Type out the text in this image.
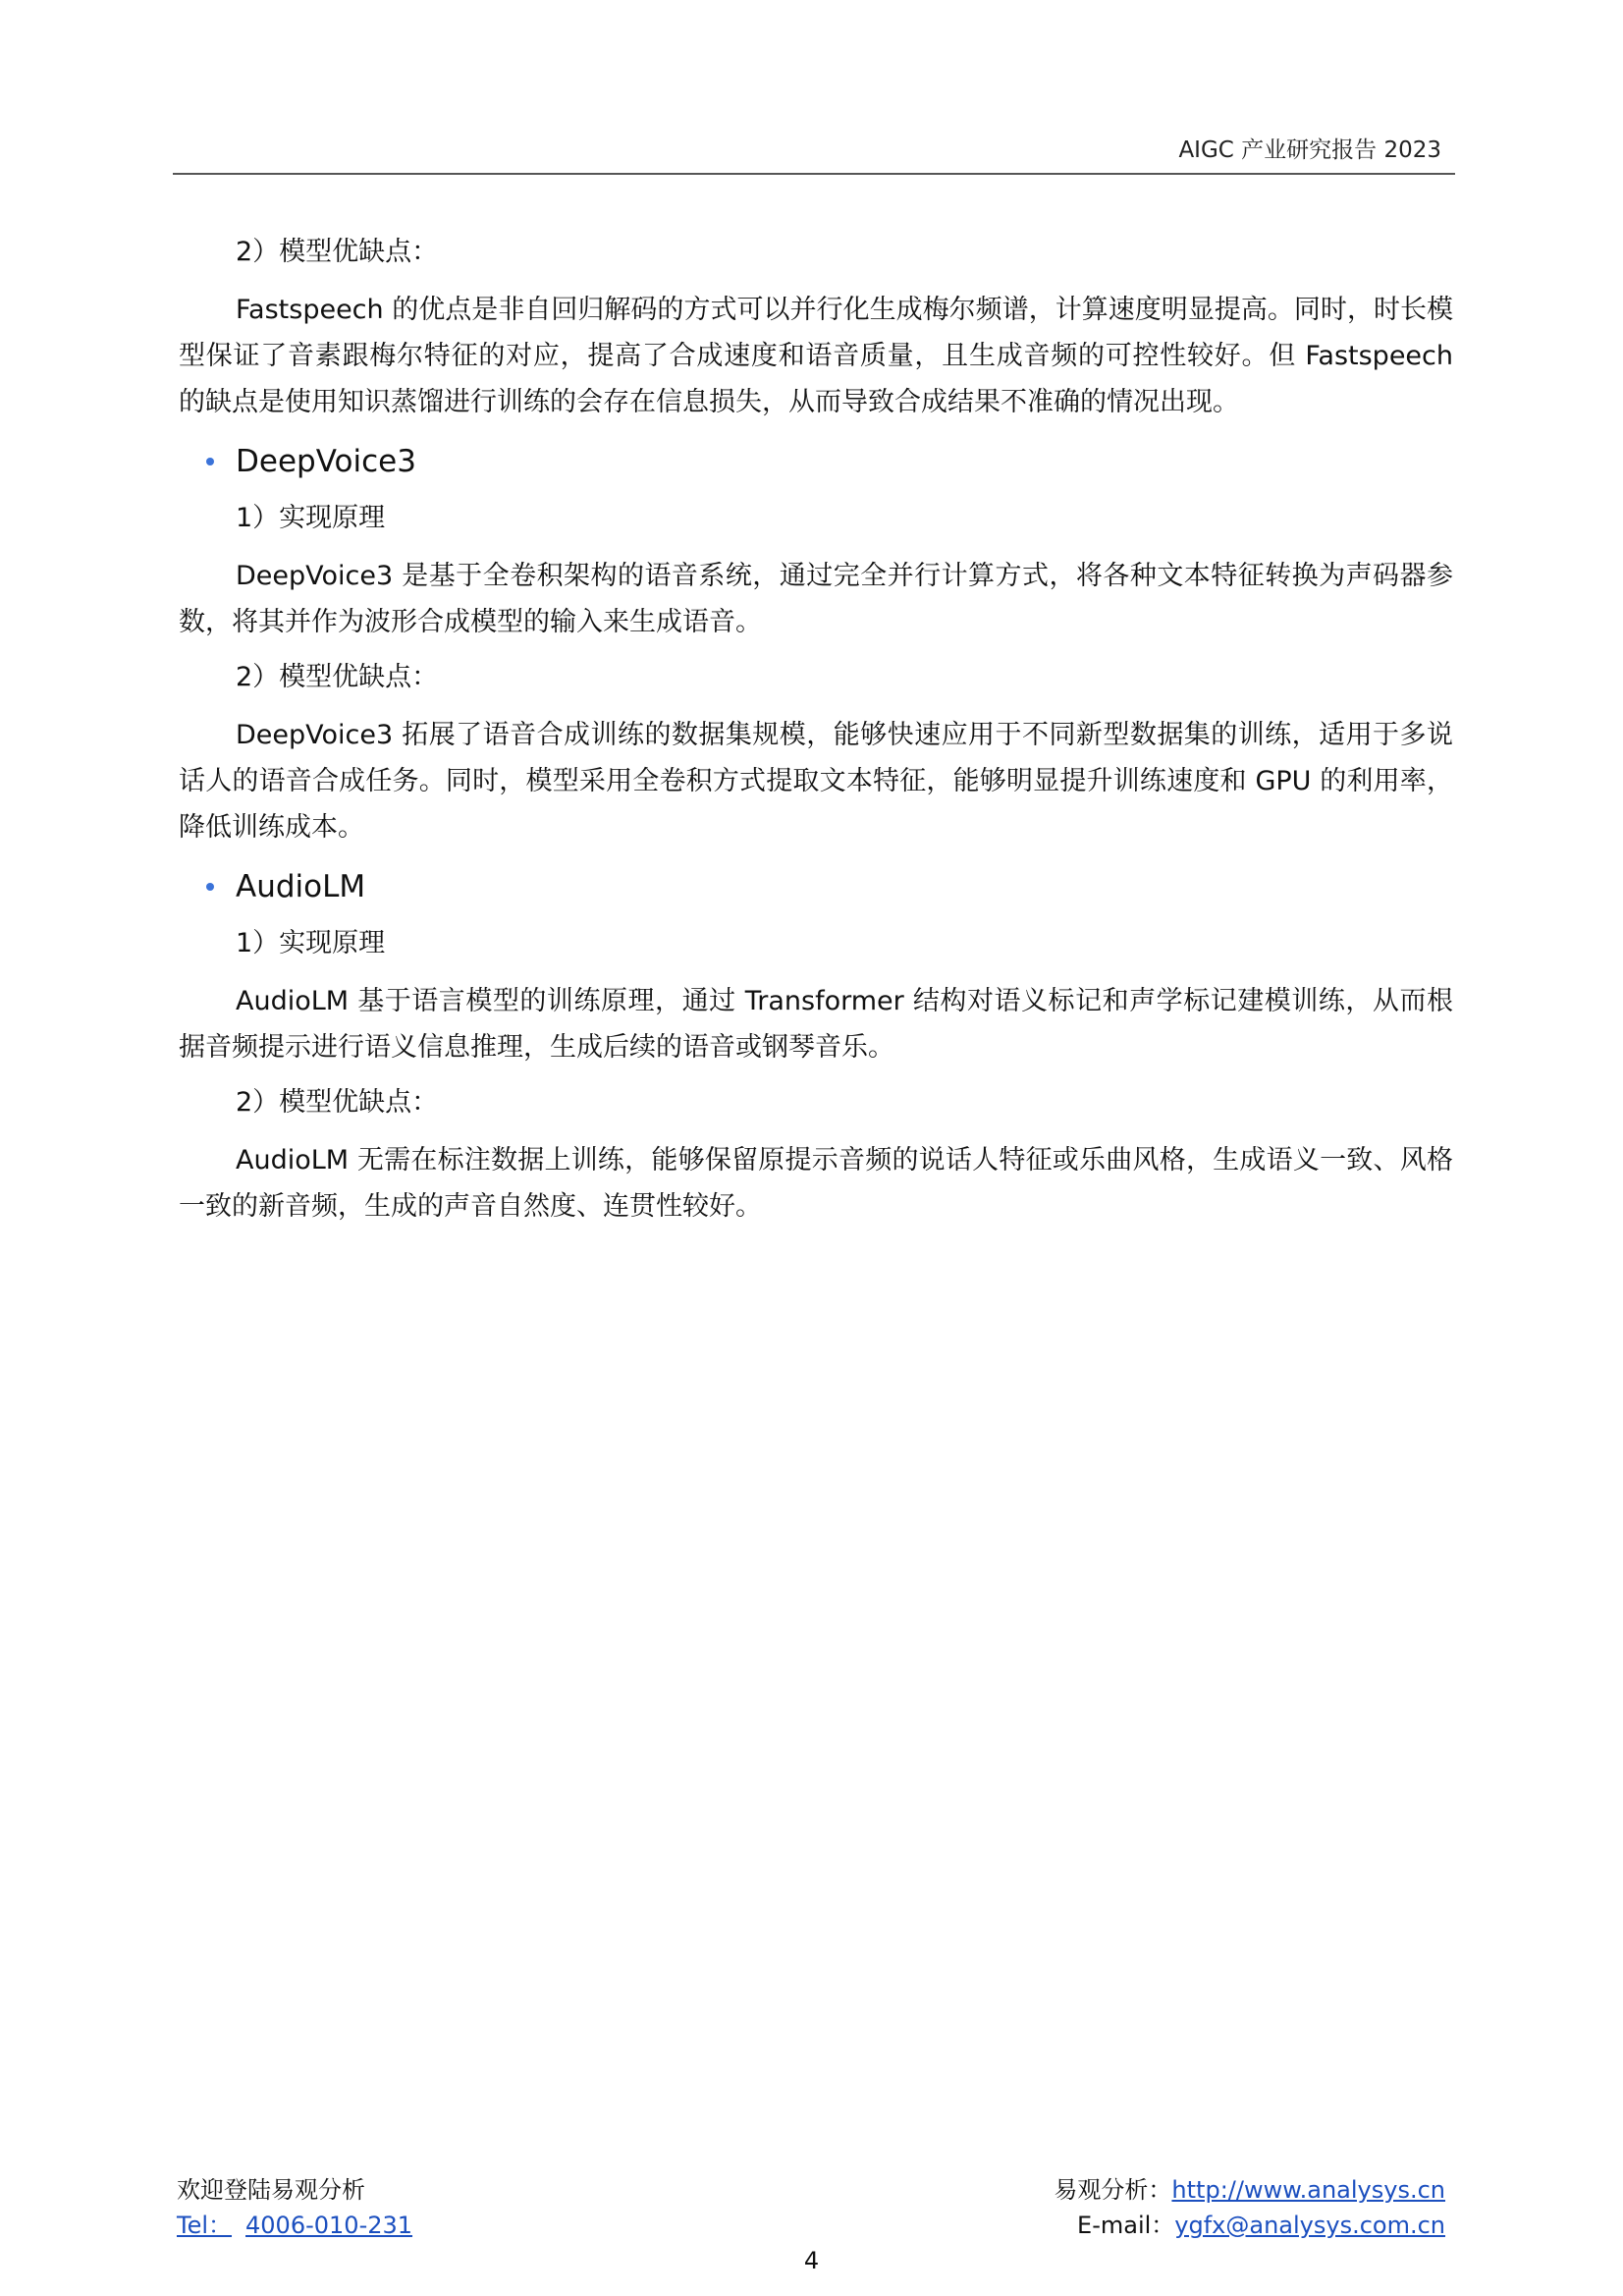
AIGC 产业研究报告 2023
2）模型优缺点：
Fastspeech 的优点是非自回归解码的方式可以并行化生成梅尔频谱，计算速度明显提高。同时，时长模型保证了音素跟梅尔特征的对应，提高了合成速度和语音质量，且生成音频的可控性较好。但 Fastspeech 的缺点是使用知识蒸馏进行训练的会存在信息损失，从而导致合成结果不准确的情况出现。
DeepVoice3
1）实现原理
DeepVoice3 是基于全卷积架构的语音系统，通过完全并行计算方式，将各种文本特征转换为声码器参数，将其并作为波形合成模型的输入来生成语音。
2）模型优缺点：
DeepVoice3 拓展了语音合成训练的数据集规模，能够快速应用于不同新型数据集的训练，适用于多说话人的语音合成任务。同时，模型采用全卷积方式提取文本特征，能够明显提升训练速度和 GPU 的利用率，降低训练成本。
AudioLM
1）实现原理
AudioLM 基于语言模型的训练原理，通过 Transformer 结构对语义标记和声学标记建模训练，从而根据音频提示进行语义信息推理，生成后续的语音或钢琴音乐。
2）模型优缺点：
AudioLM 无需在标注数据上训练，能够保留原提示音频的说话人特征或乐曲风格，生成语义一致、风格一致的新音频，生成的声音自然度、连贯性较好。
欢迎登陆易观分析
Tel： 4006-010-231
易观分析：http://www.analysys.cn
E-mail：ygfx@analysys.com.cn
4
